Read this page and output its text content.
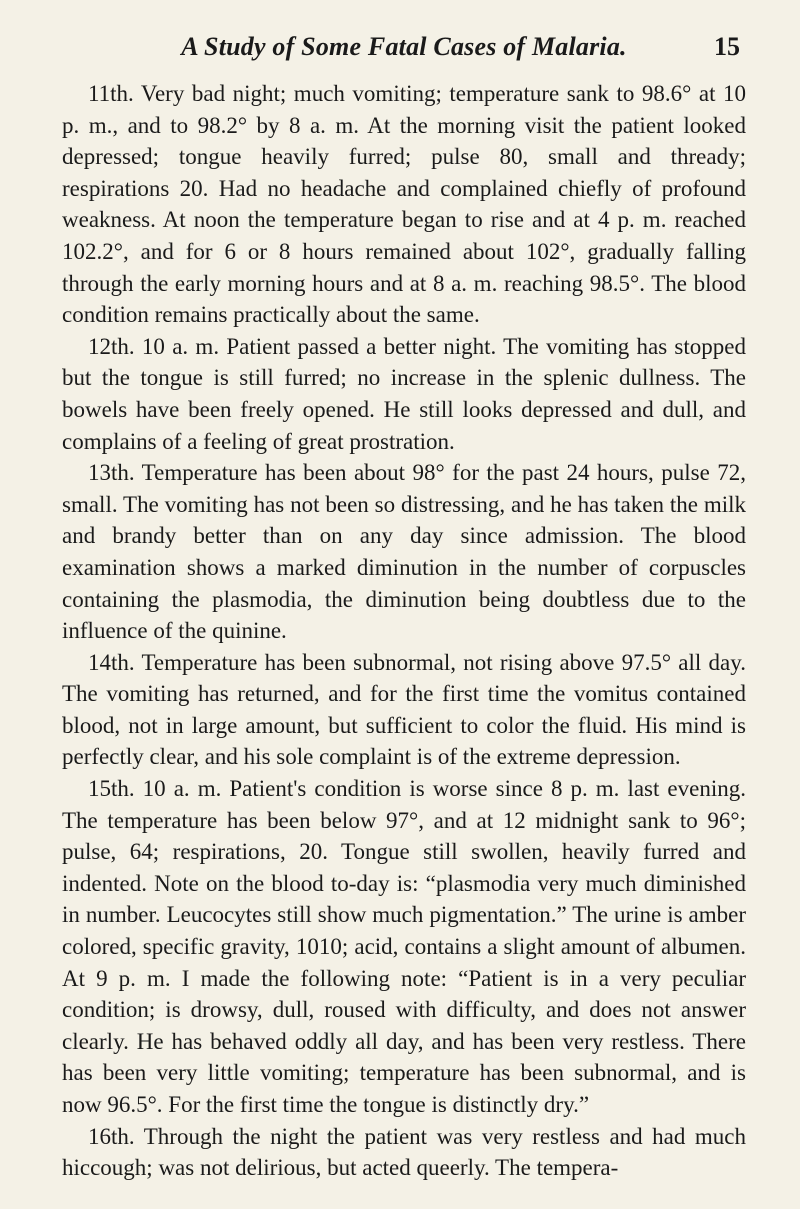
A Study of Some Fatal Cases of Malaria.	15

11th. Very bad night; much vomiting; temperature sank to 98.6° at 10 p. m., and to 98.2° by 8 a. m. At the morning visit the patient looked depressed; tongue heavily furred; pulse 80, small and thready; respirations 20. Had no headache and complained chiefly of profound weakness. At noon the temperature began to rise and at 4 p. m. reached 102.2°, and for 6 or 8 hours remained about 102°, gradually falling through the early morning hours and at 8 a. m. reaching 98.5°. The blood condition remains practically about the same.

12th. 10 a. m. Patient passed a better night. The vomiting has stopped but the tongue is still furred; no increase in the splenic dullness. The bowels have been freely opened. He still looks depressed and dull, and complains of a feeling of great prostration.

13th. Temperature has been about 98° for the past 24 hours, pulse 72, small. The vomiting has not been so distressing, and he has taken the milk and brandy better than on any day since admission. The blood examination shows a marked diminution in the number of corpuscles containing the plasmodia, the diminution being doubtless due to the influence of the quinine.

14th. Temperature has been subnormal, not rising above 97.5° all day. The vomiting has returned, and for the first time the vomitus contained blood, not in large amount, but sufficient to color the fluid. His mind is perfectly clear, and his sole complaint is of the extreme depression.

15th. 10 a. m. Patient's condition is worse since 8 p. m. last evening. The temperature has been below 97°, and at 12 midnight sank to 96°; pulse, 64; respirations, 20. Tongue still swollen, heavily furred and indented. Note on the blood to-day is: “plasmodia very much diminished in number. Leucocytes still show much pigmentation.” The urine is amber colored, specific gravity, 1010; acid, contains a slight amount of albumen. At 9 p. m. I made the following note: “Patient is in a very peculiar condition; is drowsy, dull, roused with difficulty, and does not answer clearly. He has behaved oddly all day, and has been very restless. There has been very little vomiting; temperature has been subnormal, and is now 96.5°. For the first time the tongue is distinctly dry.”

16th. Through the night the patient was very restless and had much hiccough; was not delirious, but acted queerly. The tempera-
